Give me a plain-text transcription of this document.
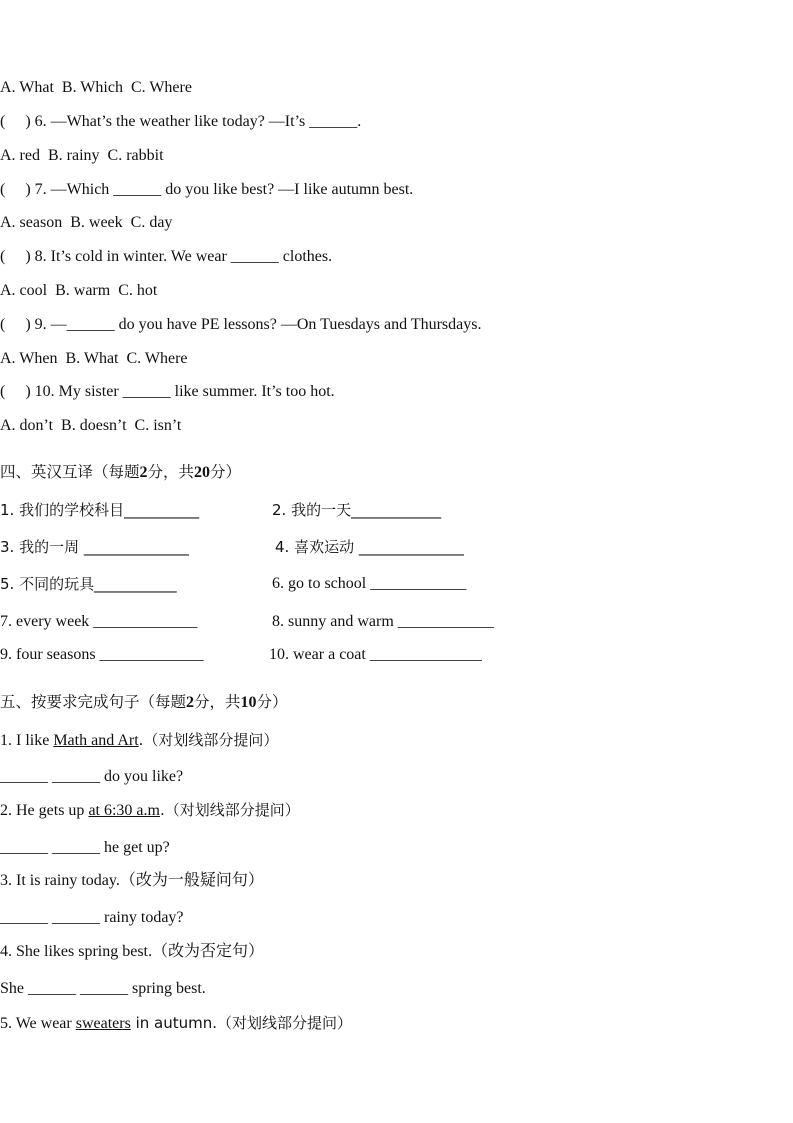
A. What  B. Which  C. Where
(     ) 6. —What’s the weather like today? —It’s ______.
A. red  B. rainy  C. rabbit
(     ) 7. —Which ______ do you like best? —I like autumn best.
A. season  B. week  C. day
(     ) 8. It’s cold in winter. We wear ______ clothes.
A. cool  B. warm  C. hot
(     ) 9. —______ do you have PE lessons? —On Tuesdays and Thursdays.
A. When  B. What  C. Where
(     ) 10. My sister ______ like summer. It’s too hot.
A. don’t  B. doesn’t  C. isn’t
四、英汉互译（每题2分，共20分）
1. 我们的学校科目__________	2. 我的一天____________
3. 我的一周 ______________	4. 喜欢运动 ______________
5. 不同的玩具___________	6. go to school ____________
7. every week _____________	8. sunny and warm ____________
9. four seasons _____________	10. wear a coat ______________
五、按要求完成句子（每题2分，共10分）
1. I like Math and Art.（对划线部分提问）
______ ______ do you like?
2. He gets up at 6:30 a.m.（对划线部分提问）
______ ______ he get up?
3. It is rainy today.（改为一般疑问句）
______ ______ rainy today?
4. She likes spring best.（改为否定句）
She ______ ______ spring best.
5. We wear sweaters in autumn.（对划线部分提问）
